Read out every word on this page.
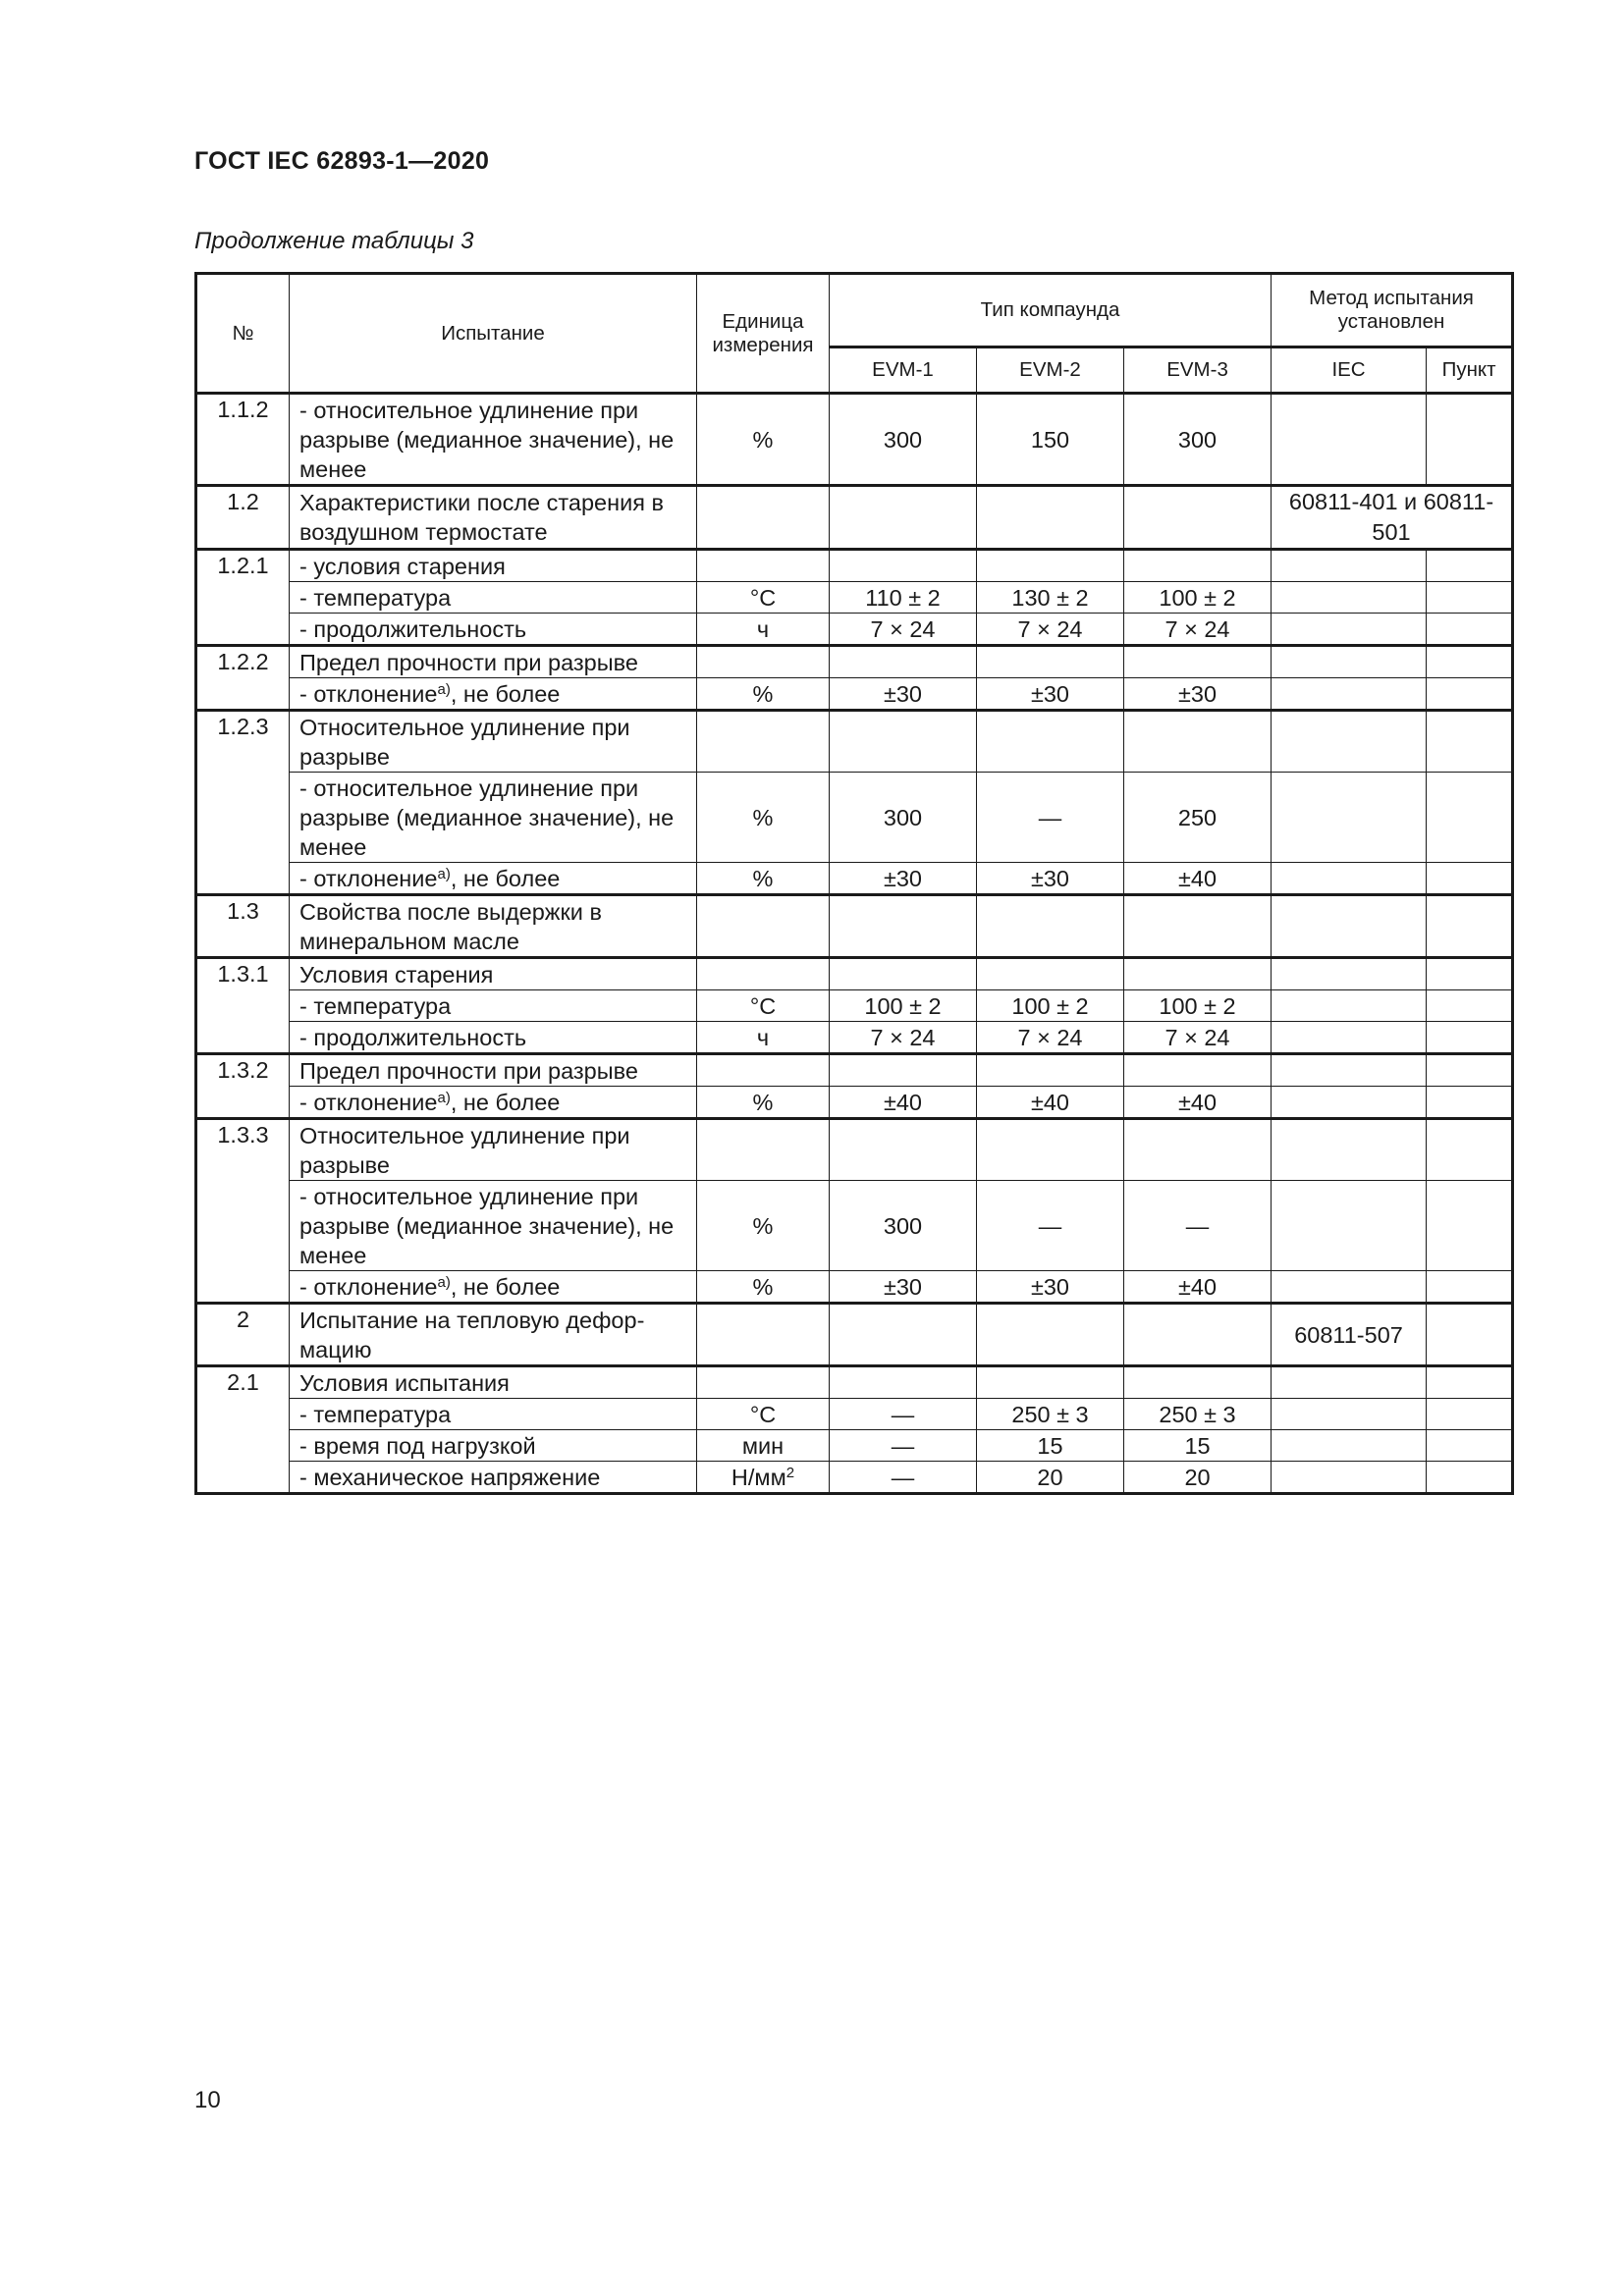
ГОСТ IEC 62893-1—2020

Продолжение таблицы 3

№	Испытание	Единица измерения	Тип компаунда			Метод испытания установлен	
			EVM-1	EVM-2	EVM-3	IEC	Пункт
1.1.2	- относительное удлинение при разрыве (медианное значение), не менее	%	300	150	300		
1.2	Характеристики после старения в воздушном термостате					60811-401 и 60811-501	
1.2.1	- условия старения						
	- температура	°C	110 ± 2	130 ± 2	100 ± 2		
	- продолжительность	ч	7 × 24	7 × 24	7 × 24		
1.2.2	Предел прочности при разрыве						
	- отклонение$^{а)}$, не более	%	±30	±30	±30		
1.2.3	Относительное удлинение при разрыве						
	- относительное удлинение при разрыве (медианное значение), не менее	%	300	—	250		
	- отклонение$^{а)}$, не более	%	±30	±30	±40		
1.3	Свойства после выдержки в минеральном масле						
1.3.1	Условия старения						
	- температура	°C	100 ± 2	100 ± 2	100 ± 2		
	- продолжительность	ч	7 × 24	7 × 24	7 × 24		
1.3.2	Предел прочности при разрыве						
	- отклонение$^{а)}$, не более	%	±40	±40	±40		
1.3.3	Относительное удлинение при разрыве						
	- относительное удлинение при разрыве (медианное значение), не менее	%	300	—	—		
	- отклонение$^{а)}$, не более	%	±30	±30	±40		
2	Испытание на тепловую дефор-мацию					60811-507	
2.1	Условия испытания						
	- температура	°C	—	250 ± 3	250 ± 3		
	- время под нагрузкой	мин	—	15	15		
	- механическое напряжение	$Н/мм^2$	—	20	20		

10
